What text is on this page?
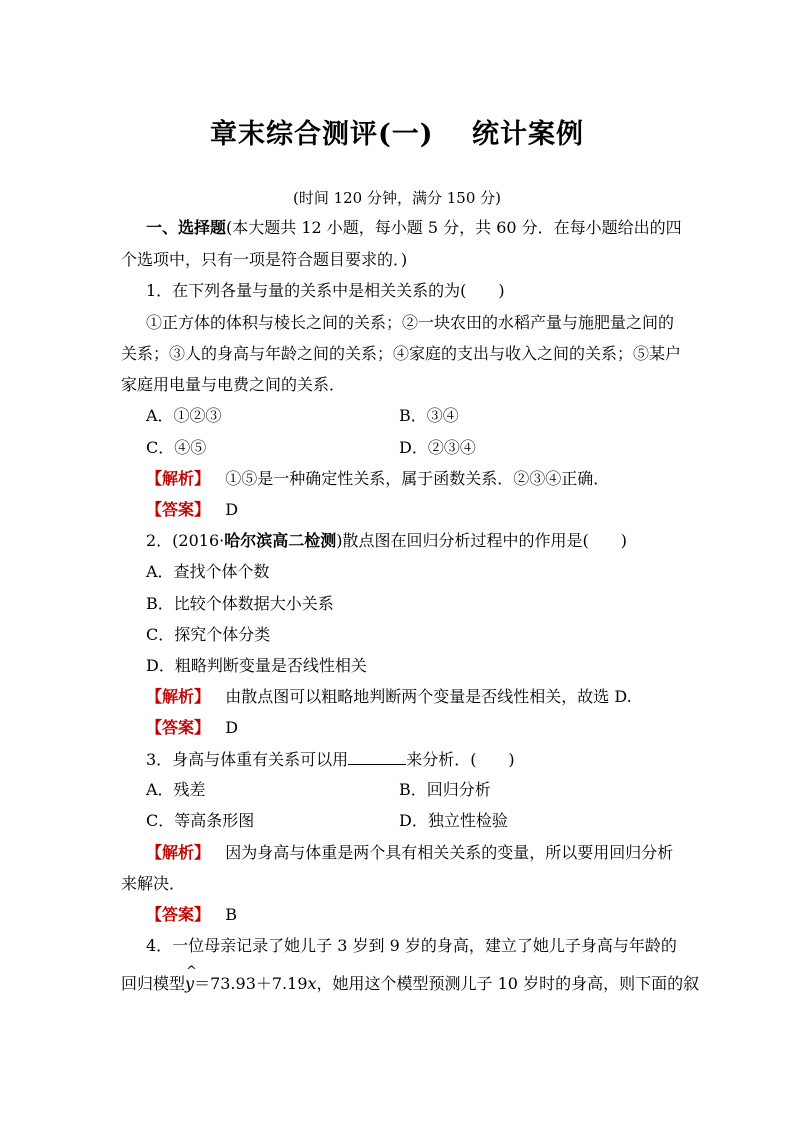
章末综合测评(一)　 统计案例
(时间 120 分钟，满分 150 分)
一、选择题(本大题共 12 小题，每小题 5 分，共 60 分．在每小题给出的四
个选项中，只有一项是符合题目要求的．)
1．在下列各量与量的关系中是相关关系的为(　　)
①正方体的体积与棱长之间的关系；②一块农田的水稻产量与施肥量之间的
关系；③人的身高与年龄之间的关系；④家庭的支出与收入之间的关系；⑤某户
家庭用电量与电费之间的关系．
A．①②③	B．③④
C．④⑤	D．②③④
【解析】 ①⑤是一种确定性关系，属于函数关系．②③④正确．
【答案】 D
2．(2016·哈尔滨高二检测)散点图在回归分析过程中的作用是(　　)
A．查找个体个数
B．比较个体数据大小关系
C．探究个体分类
D．粗略判断变量是否线性相关
【解析】 由散点图可以粗略地判断两个变量是否线性相关，故选 D.
【答案】 D
3．身高与体重有关系可以用	来分析．(　　)
A．残差	B．回归分析
C．等高条形图	D．独立性检验
【解析】 因为身高与体重是两个具有相关关系的变量，所以要用回归分析
来解决．
【答案】 B
4．一位母亲记录了她儿子 3 岁到 9 岁的身高，建立了她儿子身高与年龄的
回归模型^ y＝73.93＋7.19x，她用这个模型预测儿子 10 岁时的身高，则下面的叙
